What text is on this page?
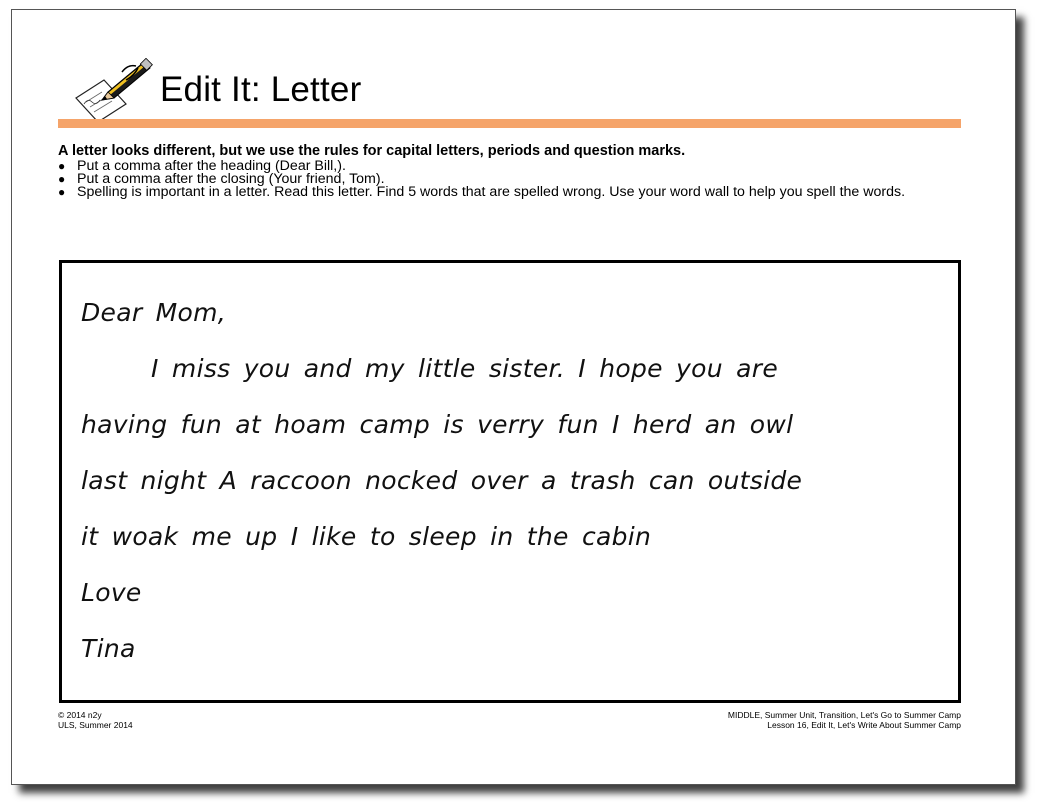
Edit It: Letter
A letter looks different, but we use the rules for capital letters, periods and question marks.
● Put a comma after the heading (Dear Bill,).
● Put a comma after the closing (Your friend, Tom).
● Spelling is important in a letter. Read this letter. Find 5 words that are spelled wrong. Use your word wall to help you spell the words.
Dear Mom,
I miss you and my little sister. I hope you are
having fun at hoam camp is verry fun I herd an owl
last night A raccoon nocked over a trash can outside
it woak me up I like to sleep in the cabin
Love
Tina
© 2014 n2y
ULS, Summer 2014
MIDDLE, Summer Unit, Transition, Let's Go to Summer Camp
Lesson 16, Edit It, Let's Write About Summer Camp
